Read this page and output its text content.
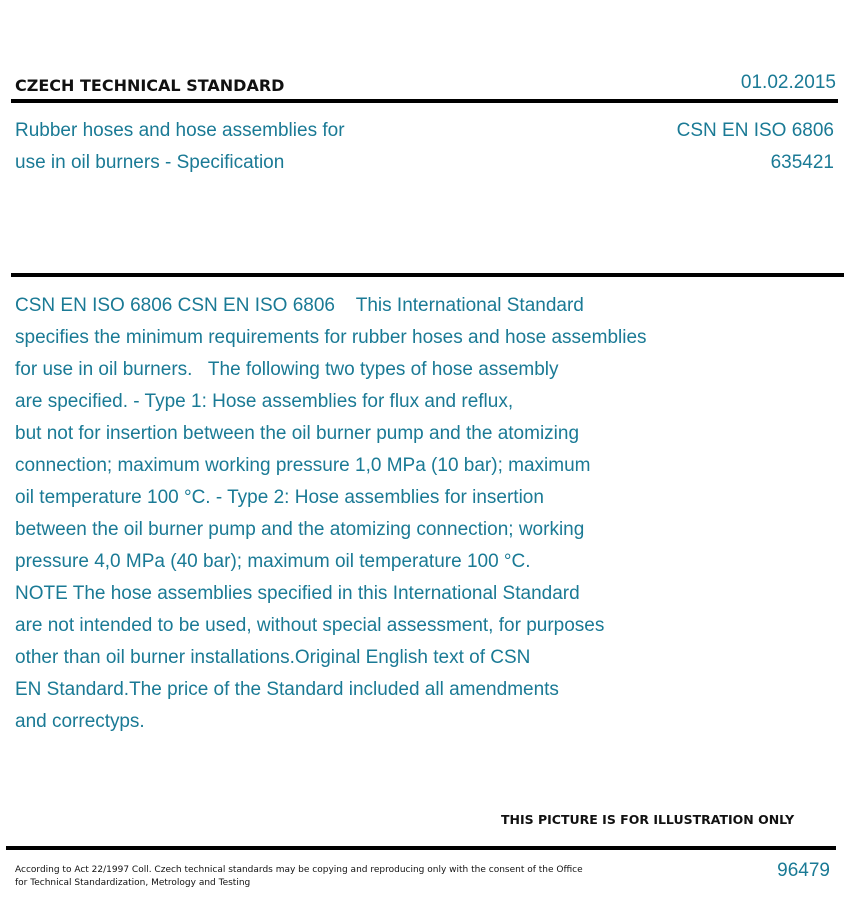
CZECH TECHNICAL STANDARD	01.02.2015
Rubber hoses and hose assemblies for
use in oil burners - Specification
CSN EN ISO 6806
635421
CSN EN ISO 6806 CSN EN ISO 6806    This International Standard
specifies the minimum requirements for rubber hoses and hose assemblies
for use in oil burners.   The following two types of hose assembly
are specified. - Type 1: Hose assemblies for flux and reflux,
but not for insertion between the oil burner pump and the atomizing
connection; maximum working pressure 1,0 MPa (10 bar); maximum
oil temperature 100 °C. - Type 2: Hose assemblies for insertion
between the oil burner pump and the atomizing connection; working
pressure 4,0 MPa (40 bar); maximum oil temperature 100 °C.
NOTE The hose assemblies specified in this International Standard
are not intended to be used, without special assessment, for purposes
other than oil burner installations.Original English text of CSN
EN Standard.The price of the Standard included all amendments
and correctурs.
THIS PICTURE IS FOR ILLUSTRATION ONLY
According to Act 22/1997 Coll. Czech technical standards may be copying and reproducing only with the consent of the Office
for Technical Standardization, Metrology and Testing
96479
